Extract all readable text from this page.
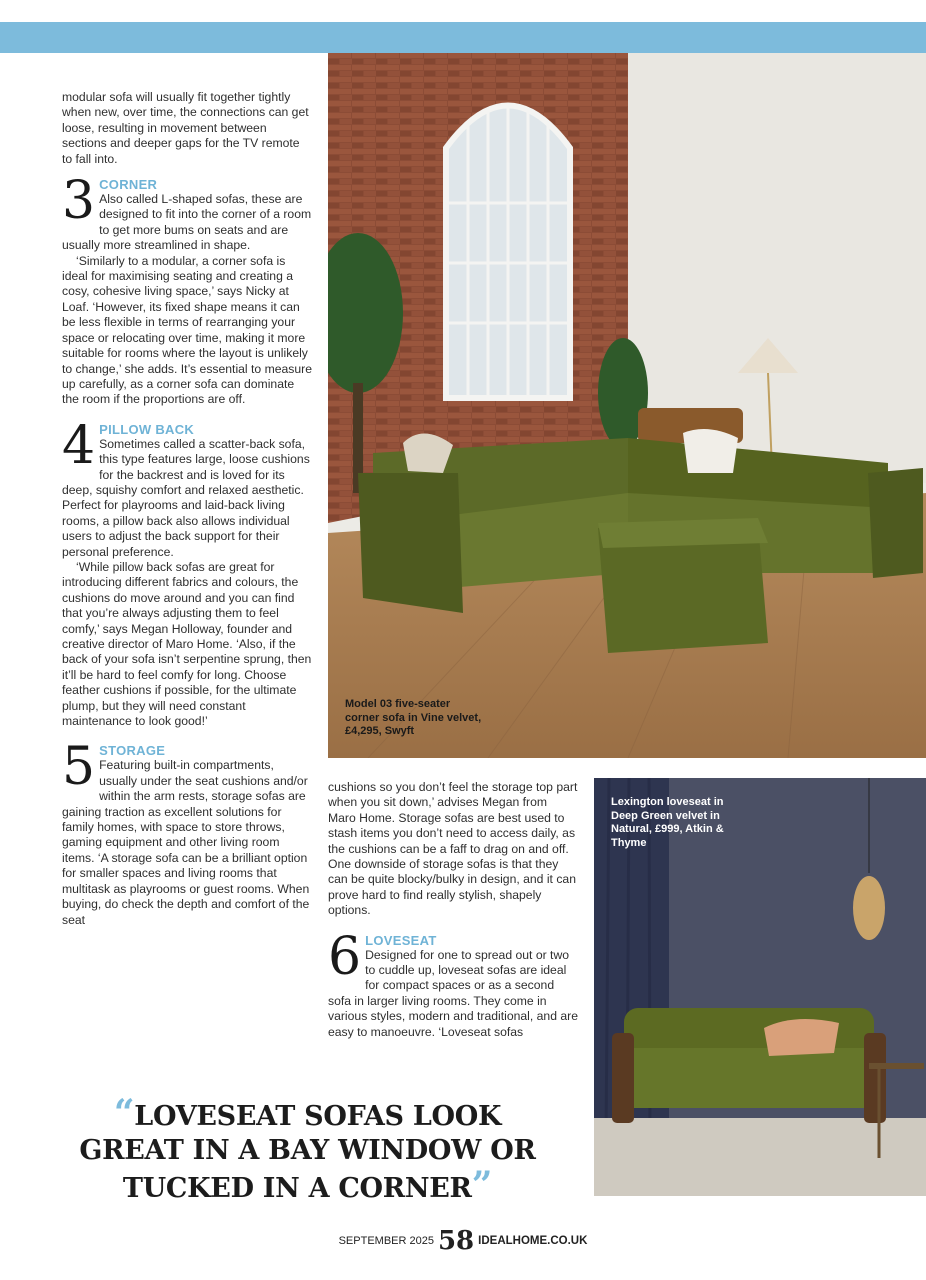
modular sofa will usually fit together tightly when new, over time, the connections can get loose, resulting in movement between sections and deeper gaps for the TV remote to fall into.

3 CORNER

Also called L-shaped sofas, these are designed to fit into the corner of a room to get more bums on seats and are usually more streamlined in shape.

‘Similarly to a modular, a corner sofa is ideal for maximising seating and creating a cosy, cohesive living space,’ says Nicky at Loaf. ‘However, its fixed shape means it can be less flexible in terms of rearranging your space or relocating over time, making it more suitable for rooms where the layout is unlikely to change,’ she adds. It’s essential to measure up carefully, as a corner sofa can dominate the room if the proportions are off.

4 PILLOW BACK

Sometimes called a scatter-back sofa, this type features large, loose cushions for the backrest and is loved for its deep, squishy comfort and relaxed aesthetic. Perfect for playrooms and laid-back living rooms, a pillow back also allows individual users to adjust the back support for their personal preference.

‘While pillow back sofas are great for introducing different fabrics and colours, the cushions do move around and you can find that you’re always adjusting them to feel comfy,’ says Megan Holloway, founder and creative director of Maro Home. ‘Also, if the back of your sofa isn’t serpentine sprung, then it’ll be hard to feel comfy for long. Choose feather cushions if possible, for the ultimate plump, but they will need constant maintenance to look good!’

5 STORAGE

Featuring built-in compartments, usually under the seat cushions and/or within the arm rests, storage sofas are gaining traction as excellent solutions for family homes, with space to store throws, gaming equipment and other living room items. ‘A storage sofa can be a brilliant option for smaller spaces and living rooms that multitask as playrooms or guest rooms. When buying, do check the depth and comfort of the seat

Model 03 five-seater corner sofa in Vine velvet, £4,295, Swyft

cushions so you don’t feel the storage top part when you sit down,’ advises Megan from Maro Home. Storage sofas are best used to stash items you don’t need to access daily, as the cushions can be a faff to drag on and off. One downside of storage sofas is that they can be quite blocky/bulky in design, and it can prove hard to find really stylish, shapely options.

6 LOVESEAT

Designed for one to spread out or two to cuddle up, loveseat sofas are ideal for compact spaces or as a second sofa in larger living rooms. They come in various styles, modern and traditional, and are easy to manoeuvre. ‘Loveseat sofas

Lexington loveseat in Deep Green velvet in Natural, £999, Atkin & Thyme
“LOVESEAT SOFAS LOOK GREAT IN A BAY WINDOW OR TUCKED IN A CORNER”
SEPTEMBER 2025 58 IDEALHOME.CO.UK
